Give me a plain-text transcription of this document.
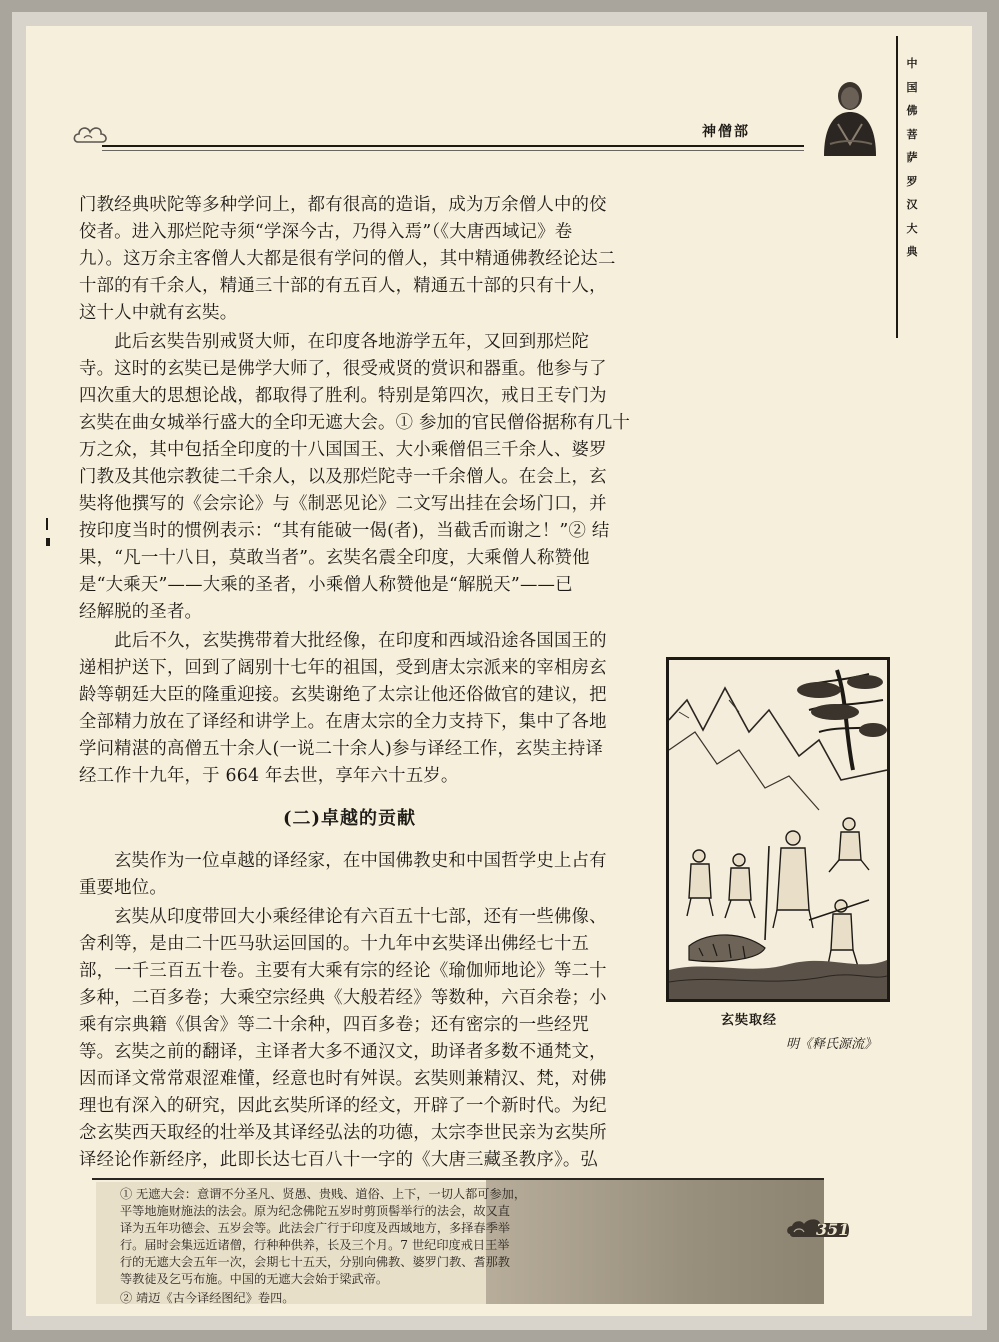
神僧部
中国佛菩萨罗汉大典
门教经典吠陀等多种学问上，都有很高的造诣，成为万余僧人中的佼
佼者。进入那烂陀寺须“学深今古，乃得入焉”（《大唐西域记》卷
九）。这万余主客僧人大都是很有学问的僧人，其中精通佛教经论达二
十部的有千余人，精通三十部的有五百人，精通五十部的只有十人，
这十人中就有玄奘。
　　此后玄奘告别戒贤大师，在印度各地游学五年，又回到那烂陀
寺。这时的玄奘已是佛学大师了，很受戒贤的赏识和器重。他参与了
四次重大的思想论战，都取得了胜利。特别是第四次，戒日王专门为
玄奘在曲女城举行盛大的全印无遮大会。① 参加的官民僧俗据称有几十
万之众，其中包括全印度的十八国国王、大小乘僧侣三千余人、婆罗
门教及其他宗教徒二千余人，以及那烂陀寺一千余僧人。在会上，玄
奘将他撰写的《会宗论》与《制恶见论》二文写出挂在会场门口，并
按印度当时的惯例表示：“其有能破一偈(者)，当截舌而谢之！”② 结
果，“凡一十八日，莫敢当者”。玄奘名震全印度，大乘僧人称赞他
是“大乘天”——大乘的圣者，小乘僧人称赞他是“解脱天”——已
经解脱的圣者。
　　此后不久，玄奘携带着大批经像，在印度和西域沿途各国国王的
递相护送下，回到了阔别十七年的祖国，受到唐太宗派来的宰相房玄
龄等朝廷大臣的隆重迎接。玄奘谢绝了太宗让他还俗做官的建议，把
全部精力放在了译经和讲学上。在唐太宗的全力支持下，集中了各地
学问精湛的高僧五十余人(一说二十余人)参与译经工作，玄奘主持译
经工作十九年，于 664 年去世，享年六十五岁。
(二)卓越的贡献
　　玄奘作为一位卓越的译经家，在中国佛教史和中国哲学史上占有
重要地位。
　　玄奘从印度带回大小乘经律论有六百五十七部，还有一些佛像、
舍利等，是由二十匹马驮运回国的。十九年中玄奘译出佛经七十五
部，一千三百五十卷。主要有大乘有宗的经论《瑜伽师地论》等二十
多种，二百多卷；大乘空宗经典《大般若经》等数种，六百余卷；小
乘有宗典籍《俱舍》等二十余种，四百多卷；还有密宗的一些经咒
等。玄奘之前的翻译，主译者大多不通汉文，助译者多数不通梵文，
因而译文常常艰涩难懂，经意也时有舛误。玄奘则兼精汉、梵，对佛
理也有深入的研究，因此玄奘所译的经文，开辟了一个新时代。为纪
念玄奘西天取经的壮举及其译经弘法的功德，太宗李世民亲为玄奘所
译经论作新经序，此即长达七百八十一字的《大唐三藏圣教序》。弘
玄奘取经
明《释氏源流》
① 无遮大会：意谓不分圣凡、贤愚、贵贱、道俗、上下，一切人都可参加，
平等地施财施法的法会。原为纪念佛陀五岁时剪顶髻举行的法会，故又直
译为五年功德会、五岁会等。此法会广行于印度及西域地方，多择春季举
行。届时会集远近诸僧，行种种供养，长及三个月。7 世纪印度戒日王举
行的无遮大会五年一次，会期七十五天，分别向佛教、婆罗门教、耆那教
等教徒及乞丐布施。中国的无遮大会始于梁武帝。
② 靖迈《古今译经图纪》卷四。
351
